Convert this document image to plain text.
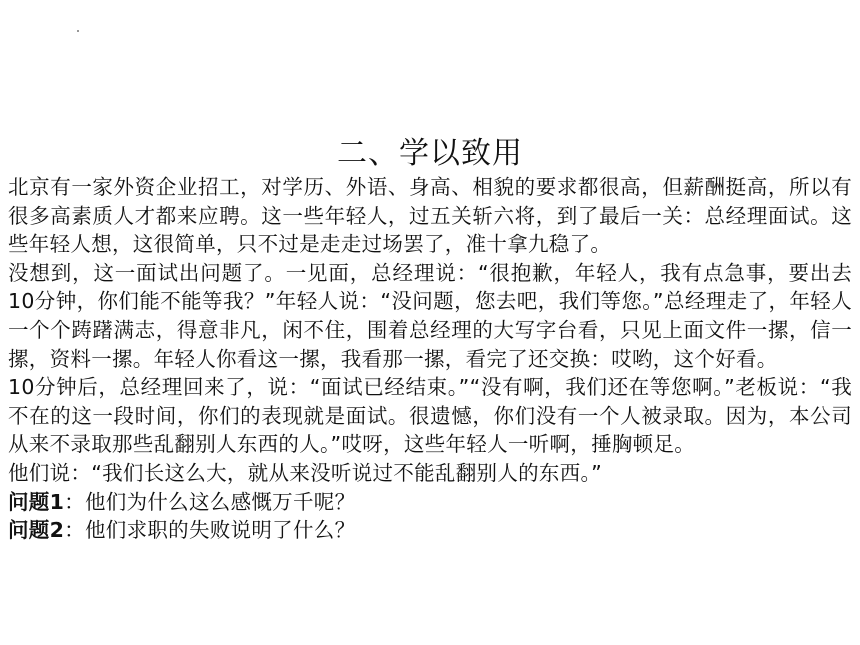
二、学以致用

北京有一家外资企业招工，对学历、外语、身高、相貌的要求都很高，但薪酬挺高，所以有很多高素质人才都来应聘。这一些年轻人，过五关斩六将，到了最后一关：总经理面试。这些年轻人想，这很简单，只不过是走走过场罢了，准十拿九稳了。

没想到，这一面试出问题了。一见面，总经理说：“很抱歉，年轻人，我有点急事，要出去10分钟，你们能不能等我？”年轻人说：“没问题，您去吧，我们等您。”总经理走了，年轻人一个个踌躇满志，得意非凡，闲不住，围着总经理的大写字台看，只见上面文件一摞，信一摞，资料一摞。年轻人你看这一摞，我看那一摞，看完了还交换：哎哟，这个好看。

10分钟后，总经理回来了，说：“面试已经结束。”“没有啊，我们还在等您啊。”老板说：“我不在的这一段时间，你们的表现就是面试。很遗憾，你们没有一个人被录取。因为，本公司从来不录取那些乱翻别人东西的人。”哎呀，这些年轻人一听啊，捶胸顿足。

他们说：“我们长这么大，就从来没听说过不能乱翻别人的东西。”

问题1：他们为什么这么感慨万千呢？

问题2：他们求职的失败说明了什么？
